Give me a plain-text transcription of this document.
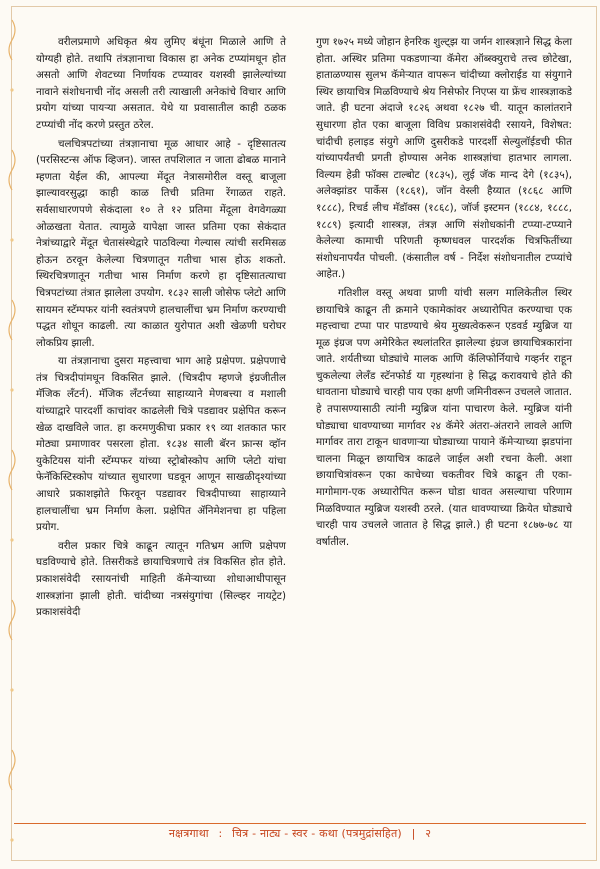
वरीलप्रमाणे अधिकृत श्रेय लुमिए बंधूंना मिळाले आणि ते योग्यही होते. तथापि तंत्रज्ञानाचा विकास हा अनेक टप्प्यांमधून होत असतो आणि शेवटच्या निर्णायक टप्प्यावर यशस्वी झालेल्यांच्या नावाने संशोधनाची नोंद असली तरी त्याखाली अनेकांचे विचार आणि प्रयोग यांच्या पायऱ्या असतात. येथे या प्रवासातील काही ठळक टप्प्यांची नोंद करणे प्रस्तुत ठरेल.

चलचित्रपटांच्या तंत्रज्ञानाचा मूळ आधार आहे - दृष्टिसातत्य (परसिस्टन्स ऑफ व्हिजन). जास्त तपशिलात न जाता ढोबळ मानाने म्हणता येईल की, आपल्या मेंदूत नेत्रासमोरील वस्तू बाजूला झाल्यावरसुद्धा काही काळ तिची प्रतिमा रेंगाळत राहते. सर्वसाधारणपणे सेकंदाला १० ते १२ प्रतिमा मेंदूला वेगवेगळ्या ओळखता येतात. त्यामुळे यापेक्षा जास्त प्रतिमा एका सेकंदात नेत्रांच्याद्वारे मेंदूत चेतासंस्थेद्वारे पाठविल्या गेल्यास त्यांची सरमिसळ होऊन ठरवून केलेल्या चित्रणातून गतीचा भास होऊ शकतो. स्थिरचित्रणातून गतीचा भास निर्माण करणे हा दृष्टिसातत्याचा चित्रपटांच्या तंत्रात झालेला उपयोग. १८३२ साली जोसेफ प्लेटो आणि सायमन स्टॅम्पफर यांनी स्वतंत्रपणे हालचालींचा भ्रम निर्माण करण्याची पद्धत शोधून काढली. त्या काळात युरोपात अशी खेळणी घरोघर लोकप्रिय झाली.

या तंत्रज्ञानाचा दुसरा महत्त्वाचा भाग आहे प्रक्षेपण. प्रक्षेपणाचे तंत्र चित्रदीपांमधून विकसित झाले. (चित्रदीप म्हणजे इंग्रजीतील मॅजिक लँटर्न). मॅजिक लँटर्नच्या साहाय्याने मेणबत्त्या व मशाली यांच्याद्वारे पारदर्शी काचांवर काढलेली चित्रे पडद्यावर प्रक्षेपित करून खेळ दाखविले जात. हा करमणुकीचा प्रकार १९ व्या शतकात फार मोठ्या प्रमाणावर पसरला होता. १८३४ साली बॅरन फ्रान्स व्हॉन युकेटियस यांनी स्टॅम्पफर यांच्या स्ट्रोबोस्कोप आणि प्लेटो यांचा फेनॅकिस्टिस्कोप यांच्यात सुधारणा घडवून आणून साखळीदृश्यांच्या आधारे प्रकाशझोते फिरवून पडद्यावर चित्रदीपाच्या साहाय्याने हालचालींचा भ्रम निर्माण केला. प्रक्षेपित ॲनिमेशनचा हा पहिला प्रयोग.

वरील प्रकार चित्रे काढून त्यातून गतिभ्रम आणि प्रक्षेपण घडविण्याचे होते. तिसरीकडे छायाचित्रणाचे तंत्र विकसित होत होते. प्रकाशसंवेदी रसायनांची माहिती कॅमेऱ्याच्या शोधाआधीपासून शास्त्रज्ञांना झाली होती. चांदीच्या नत्रसंयुगांचा (सिल्व्हर नायट्रेट) प्रकाशसंवेदी

गुण १७२५ मध्ये जोहान हेनरिक शुल्ट्झ या जर्मन शास्त्रज्ञाने सिद्ध केला होता. अस्थिर प्रतिमा पकडणाऱ्या कॅमेरा ऑब्स्क्युराचे तत्त्व छोटेखा, हाताळण्यास सुलभ कॅमेऱ्यात वापरून चांदीच्या क्लोराईड या संयुगाने स्थिर छायाचित्र मिळविण्याचे श्रेय निसेफोर निएप्स या फ्रेंच शास्त्रज्ञाकडे जाते. ही घटना अंदाजे १८२६ अथवा १८२७ ची. यातून कालांतराने सुधारणा होत एका बाजूला विविध प्रकाशसंवेदी रसायने, विशेषत: चांदीची हलाइड संयुगे आणि दुसरीकडे पारदर्शी सेल्युलॉईडची फीत यांच्यापर्यंतची प्रगती होण्यास अनेक शास्त्रज्ञांचा हातभार लागला. विल्यम हेन्री फॉक्स टाल्बोट (१८३५), लुई जॅक मान्द देगे (१८३५), अलेक्झांडर पार्केस (१८६१), जॉन वेस्ली हैय्यात (१८६८ आणि १८८८), रिचर्ड लीच मॅडॉक्स (१८६८), जॉर्ज इस्टमन (१८८४, १८८८, १८८९) इत्यादी शास्त्रज्ञ, तंत्रज्ञ आणि संशोधकांनी टप्प्या-टप्प्याने केलेल्या कामाची परिणती कृष्णधवल पारदर्शक चित्रफितींच्या संशोधनापर्यंत पोचली. (कंसातील वर्ष - निर्देश संशोधनातील टप्प्यांचे आहेत.)

गतिशील वस्तू अथवा प्राणी यांची सलग मालिकेतील स्थिर छायाचित्रे काढून ती क्रमाने एकामेकांवर अध्यारोपित करण्याचा एक महत्त्वाचा टप्पा पार पाडण्याचे श्रेय मुख्यत्वेकरून एडवर्ड म्युब्रिज या मूळ इंग्रज पण अमेरिकेत स्थलांतरित झालेल्या इंग्रज छायाचित्रकारांना जाते. शर्यतीच्या घोड्यांचे मालक आणि कॅलिफोर्नियाचे गव्हर्नर राहून चुकलेल्या लेलँड स्टॅनफोर्ड या गृहस्थांना हे सिद्ध करावयाचे होते की धावताना घोड्याचे चारही पाय एका क्षणी जमिनीवरून उचलले जातात. हे तपासण्यासाठी त्यांनी म्युब्रिज यांना पाचारण केले. म्युब्रिज यांनी घोड्याचा धावण्याच्या मार्गावर २४ कॅमेरे अंतरा-अंतराने लावले आणि मार्गावर तारा टाकून धावणाऱ्या घोड्याच्या पायाने कॅमेऱ्याच्या झडपांना चालना मिळून छायाचित्र काढले जाईल अशी रचना केली. अशा छायाचित्रांवरून एका काचेच्या चकतीवर चित्रे काढून ती एका-मागोमाग-एक अध्यारोपित करून घोडा धावत असल्याचा परिणाम मिळविण्यात म्युब्रिज यशस्वी ठरले. (यात धावण्याच्या क्रियेत घोड्याचे चारही पाय उचलले जातात हे सिद्ध झाले.) ही घटना १८७७-७८ या वर्षातील.

नक्षत्रगाथा : चित्र - नाट्य - स्वर - कथा (पत्रमुद्रांसहित) | २
